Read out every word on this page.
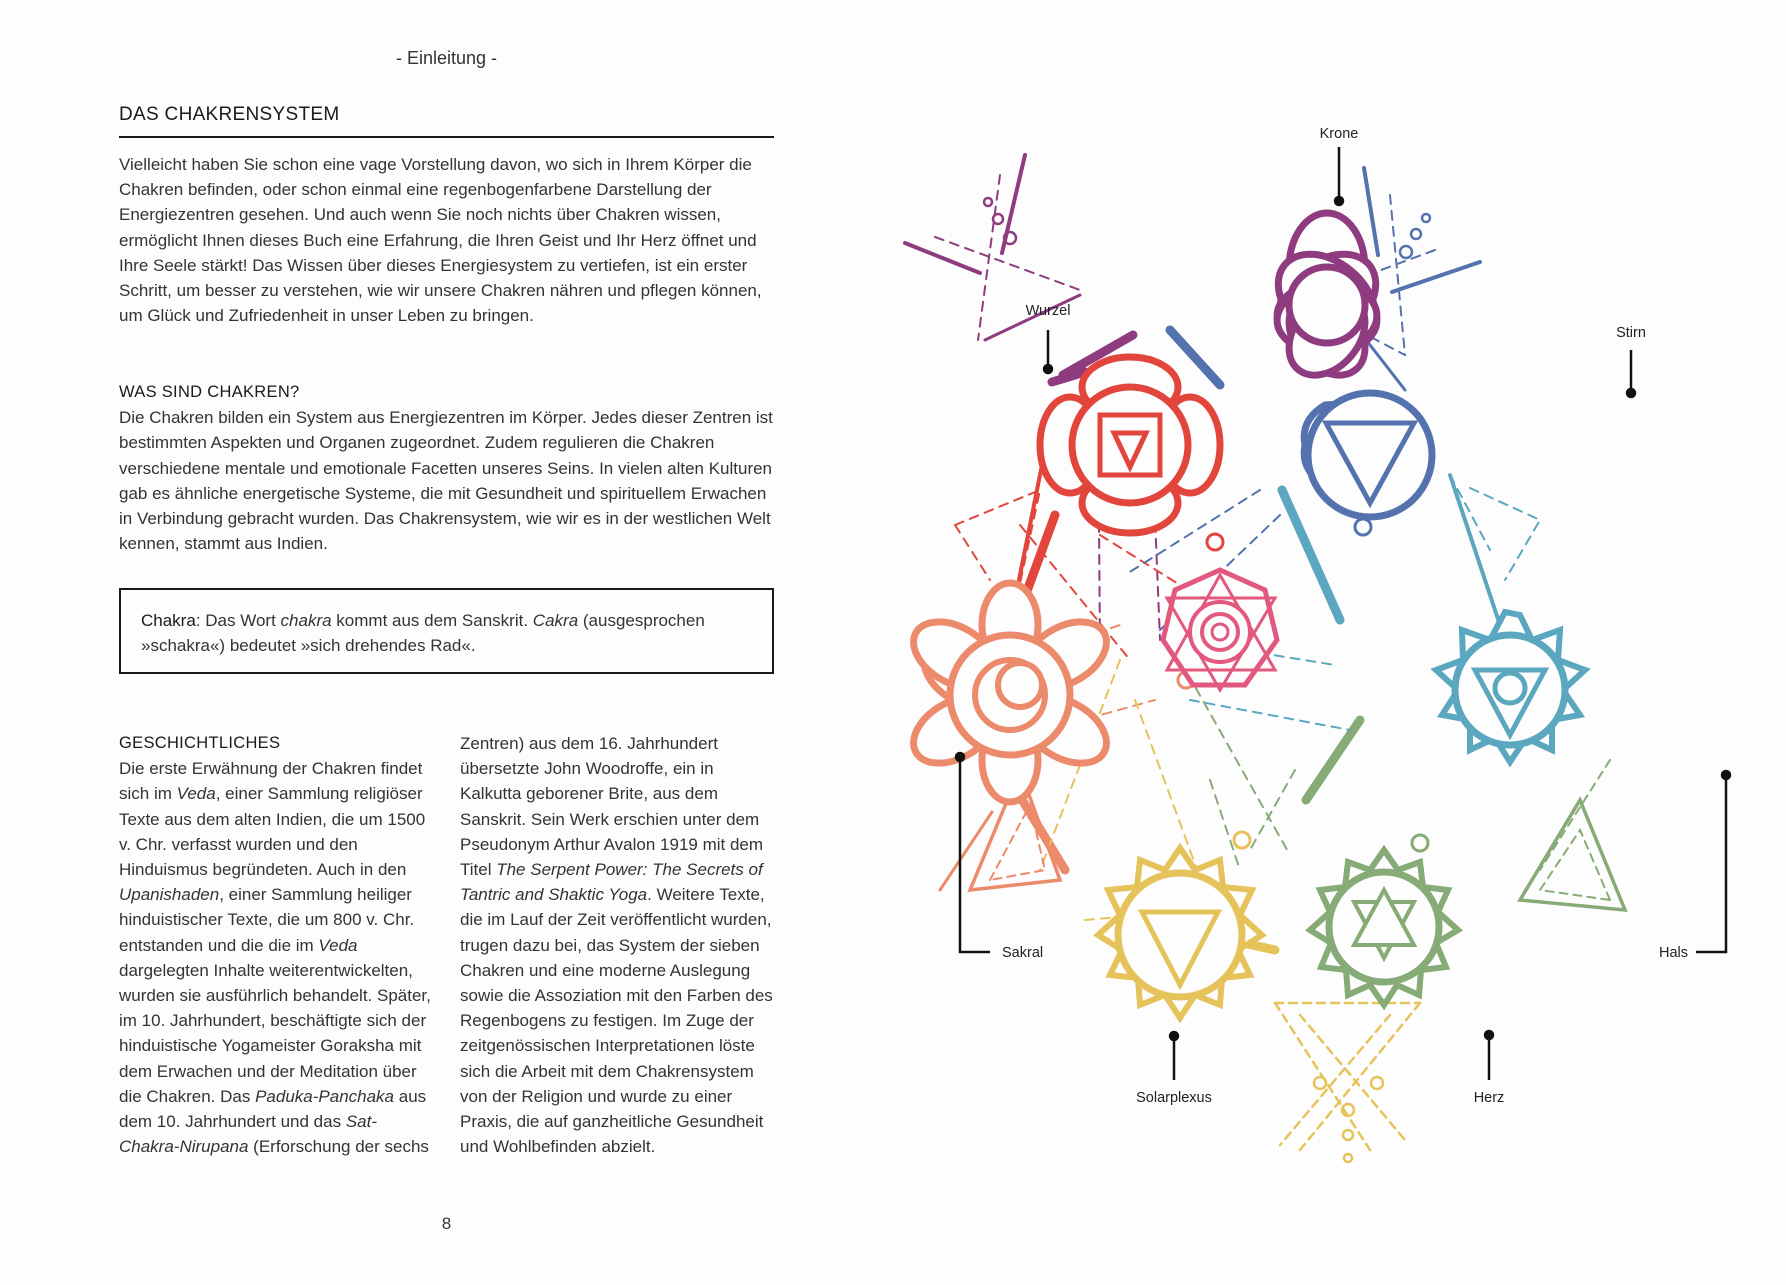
- Einleitung -
DAS CHAKRENSYSTEM
Vielleicht haben Sie schon eine vage Vorstellung davon, wo sich in Ihrem Körper die Chakren befinden, oder schon einmal eine regenbogenfarbene Darstellung der Energiezentren gesehen. Und auch wenn Sie noch nichts über Chakren wissen, ermöglicht Ihnen dieses Buch eine Erfahrung, die Ihren Geist und Ihr Herz öffnet und Ihre Seele stärkt! Das Wissen über dieses Energiesystem zu vertiefen, ist ein erster Schritt, um besser zu verstehen, wie wir unsere Chakren nähren und pflegen können, um Glück und Zufriedenheit in unser Leben zu bringen.
WAS SIND CHAKREN?
Die Chakren bilden ein System aus Energiezentren im Körper. Jedes dieser Zentren ist bestimmten Aspekten und Organen zugeordnet. Zudem regulieren die Chakren verschiedene mentale und emotionale Facetten unseres Seins. In vielen alten Kulturen gab es ähnliche energetische Systeme, die mit Gesundheit und spirituellem Erwachen in Verbindung gebracht wurden. Das Chakrensystem, wie wir es in der westlichen Welt kennen, stammt aus Indien.
Chakra: Das Wort chakra kommt aus dem Sanskrit. Cakra (ausgesprochen »schakra«) bedeutet »sich drehendes Rad«.
GESCHICHTLICHES
Die erste Erwähnung der Chakren findet sich im Veda, einer Sammlung religiöser Texte aus dem alten Indien, die um 1500 v. Chr. verfasst wurden und den Hinduismus begründeten. Auch in den Upanishaden, einer Sammlung heiliger hinduistischer Texte, die um 800 v. Chr. entstanden und die die im Veda dargelegten Inhalte weiterentwickelten, wurden sie ausführlich behandelt. Später, im 10. Jahrhundert, beschäftigte sich der hinduistische Yogameister Goraksha mit dem Erwachen und der Meditation über die Chakren. Das Paduka-Panchaka aus dem 10. Jahrhundert und das Sat-Chakra-Nirupana (Erforschung der sechs
Zentren) aus dem 16. Jahrhundert übersetzte John Woodroffe, ein in Kalkutta geborener Brite, aus dem Sanskrit. Sein Werk erschien unter dem Pseudonym Arthur Avalon 1919 mit dem Titel The Serpent Power: The Secrets of Tantric and Shaktic Yoga. Weitere Texte, die im Lauf der Zeit veröffentlicht wurden, trugen dazu bei, das System der sieben Chakren und eine moderne Auslegung sowie die Assoziation mit den Farben des Regenbogens zu festigen. Im Zuge der zeitgenössischen Interpretationen löste sich die Arbeit mit dem Chakrensystem von der Religion und wurde zu einer Praxis, die auf ganzheitliche Gesundheit und Wohlbefinden abzielt.
8
Krone
Wurzel
Stirn
Sakral	Hals
Solarplexus	Herz
